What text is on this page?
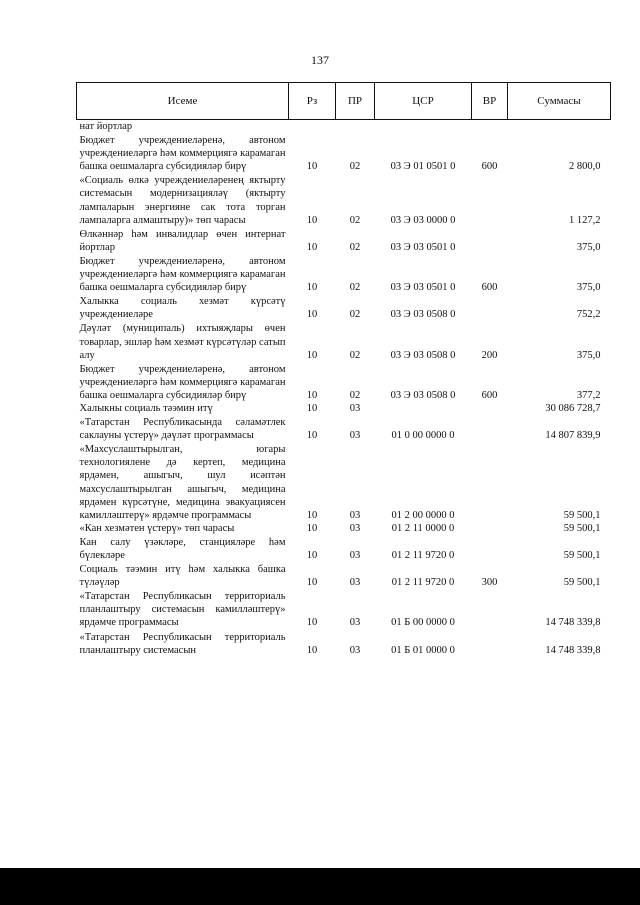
137
Исеме	Рз	ПР	ЦСР	ВР	Суммасы
нат йортлар					
Бюджет учреждениеләренә, автоном учреждениеләргә һәм коммерциягә карамаган башка оешмаларга субсидияләр бирү	10	02	03 Э 01 0501 0	600	2 800,0
«Социаль өлкә учреждениеләренең яктырту системасын модернизацияләү (яктырту лампаларын энергияне сак тота торган лампаларга алмаштыру)» төп чарасы	10	02	03 Э 03 0000 0		1 127,2
Өлкәннәр һәм инвалидлар өчен интернат йортлар	10	02	03 Э 03 0501 0		375,0
Бюджет учреждениеләренә, автоном учреждениеләргә һәм коммерциягә карамаган башка оешмаларга субсидияләр бирү	10	02	03 Э 03 0501 0	600	375,0
Халыкка социаль хезмәт күрсәтү учреждениеләре	10	02	03 Э 03 0508 0		752,2
Дәүләт (муниципаль) ихтыяҗлары өчен товарлар, эшләр һәм хезмәт күрсәтүләр сатып алу	10	02	03 Э 03 0508 0	200	375,0
Бюджет учреждениеләренә, автоном учреждениеләргә һәм коммерциягә карамаган башка оешмаларга субсидияләр бирү	10	02	03 Э 03 0508 0	600	377,2
Халыкны социаль тәэмин итү	10	03			30 086 728,7
«Татарстан Республикасында сәламәтлек саклауны үстерү» дәүләт программасы	10	03	01 0 00 0000 0		14 807 839,9
«Махсуслаштырылган, югары технологиялене дә кертеп, медицина ярдәмен, ашыгыч, шул исәптән махсуслаштырылган ашыгыч, медицина ярдәмен күрсәтүне, медицина эвакуациясен камилләштерү» ярдәмче программасы	10	03	01 2 00 0000 0		59 500,1
«Кан хезмәтен үстерү» төп чарасы	10	03	01 2 11 0000 0		59 500,1
Кан салу үзәкләре, станцияләре һәм бүлекләре	10	03	01 2 11 9720 0		59 500,1
Социаль тәэмин итү һәм халыкка башка түләүләр	10	03	01 2 11 9720 0	300	59 500,1
«Татарстан Республикасын территориаль планлаштыру системасын камилләштерү» ярдәмче программасы	10	03	01 Б 00 0000 0		14 748 339,8
«Татарстан Республикасын территориаль планлаштыру системасын	10	03	01 Б 01 0000 0		14 748 339,8
